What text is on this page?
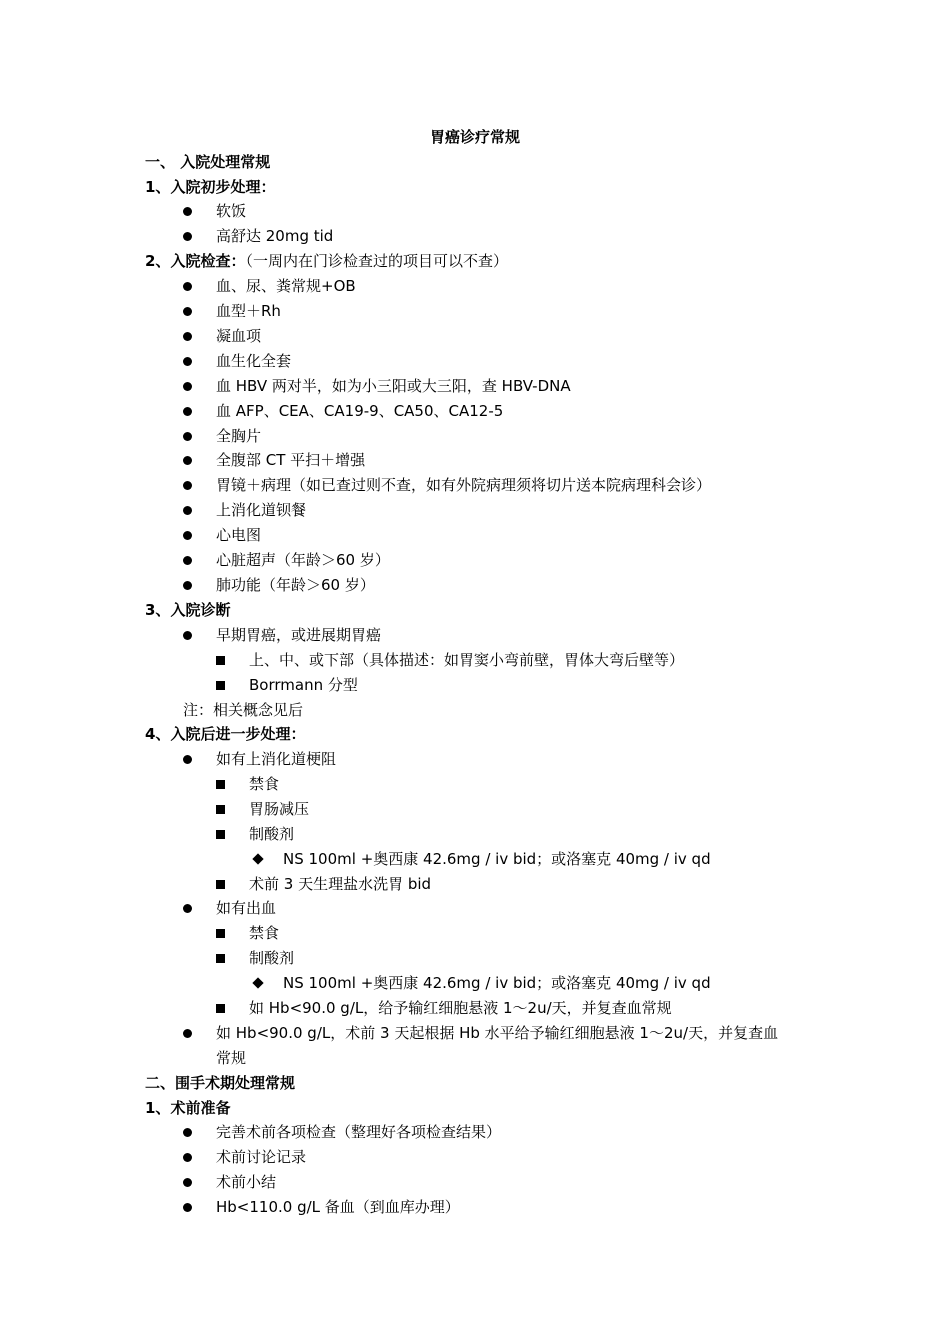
胃癌诊疗常规
一、 入院处理常规
1、入院初步处理：
软饭
高舒达 20mg tid
2、入院检查：（一周内在门诊检查过的项目可以不查）
血、尿、粪常规+OB
血型＋Rh
凝血项
血生化全套
血 HBV 两对半，如为小三阳或大三阳，查 HBV-DNA
血 AFP、CEA、CA19-9、CA50、CA12-5
全胸片
全腹部 CT 平扫＋增强
胃镜＋病理（如已查过则不查，如有外院病理须将切片送本院病理科会诊）
上消化道钡餐
心电图
心脏超声（年龄＞60 岁）
肺功能（年龄＞60 岁）
3、入院诊断
早期胃癌，或进展期胃癌
上、中、或下部（具体描述：如胃窦小弯前壁，胃体大弯后壁等）
Borrmann 分型
注：相关概念见后
4、入院后进一步处理：
如有上消化道梗阻
禁食
胃肠减压
制酸剂
NS 100ml +奥西康 42.6mg / iv bid；或洛塞克 40mg / iv qd
术前 3 天生理盐水洗胃 bid
如有出血
禁食
制酸剂
NS 100ml +奥西康 42.6mg / iv bid；或洛塞克 40mg / iv qd
如 Hb<90.0 g/L，给予输红细胞悬液 1～2u/天，并复查血常规
如 Hb<90.0 g/L，术前 3 天起根据 Hb 水平给予输红细胞悬液 1～2u/天，并复查血
常规
二、围手术期处理常规
1、术前准备
完善术前各项检查（整理好各项检查结果）
术前讨论记录
术前小结
Hb<110.0 g/L 备血（到血库办理）
